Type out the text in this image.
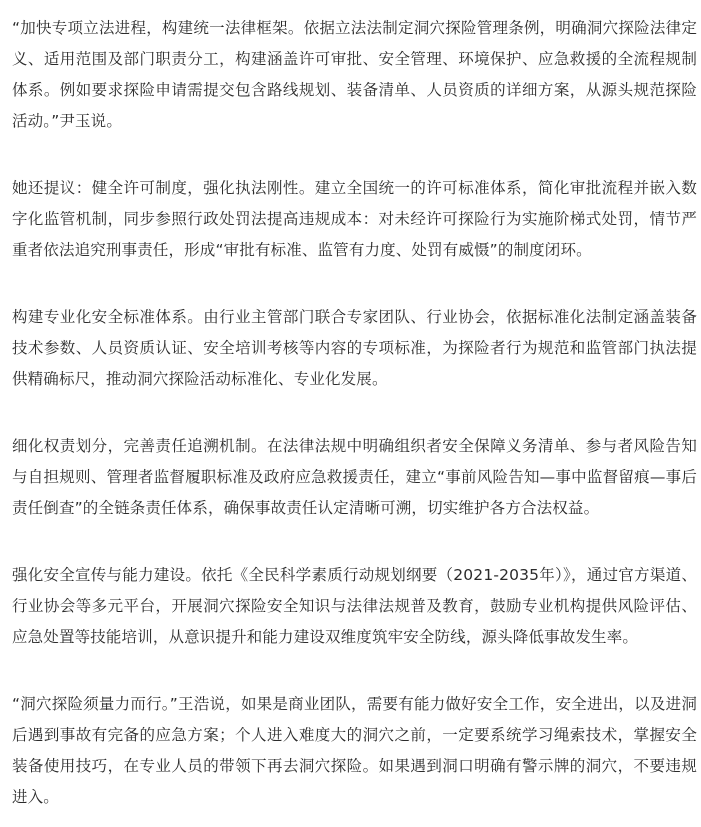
“加快专项立法进程，构建统一法律框架。依据立法法制定洞穴探险管理条例，明确洞穴探险法律定义、适用范围及部门职责分工，构建涵盖许可审批、安全管理、环境保护、应急救援的全流程规制体系。例如要求探险申请需提交包含路线规划、装备清单、人员资质的详细方案，从源头规范探险活动。”尹玉说。

她还提议：健全许可制度，强化执法刚性。建立全国统一的许可标准体系，简化审批流程并嵌入数字化监管机制，同步参照行政处罚法提高违规成本：对未经许可探险行为实施阶梯式处罚，情节严重者依法追究刑事责任，形成“审批有标准、监管有力度、处罚有威慑”的制度闭环。

构建专业化安全标准体系。由行业主管部门联合专家团队、行业协会，依据标准化法制定涵盖装备技术参数、人员资质认证、安全培训考核等内容的专项标准，为探险者行为规范和监管部门执法提供精确标尺，推动洞穴探险活动标准化、专业化发展。

细化权责划分，完善责任追溯机制。在法律法规中明确组织者安全保障义务清单、参与者风险告知与自担规则、管理者监督履职标准及政府应急救援责任，建立“事前风险告知—事中监督留痕—事后责任倒查”的全链条责任体系，确保事故责任认定清晰可溯，切实维护各方合法权益。

强化安全宣传与能力建设。依托《全民科学素质行动规划纲要（2021-2035年）》，通过官方渠道、行业协会等多元平台，开展洞穴探险安全知识与法律法规普及教育，鼓励专业机构提供风险评估、应急处置等技能培训，从意识提升和能力建设双维度筑牢安全防线，源头降低事故发生率。

“洞穴探险须量力而行。”王浩说，如果是商业团队，需要有能力做好安全工作，安全进出，以及进洞后遇到事故有完备的应急方案；个人进入难度大的洞穴之前，一定要系统学习绳索技术，掌握安全装备使用技巧，在专业人员的带领下再去洞穴探险。如果遇到洞口明确有警示牌的洞穴，不要违规进入。
